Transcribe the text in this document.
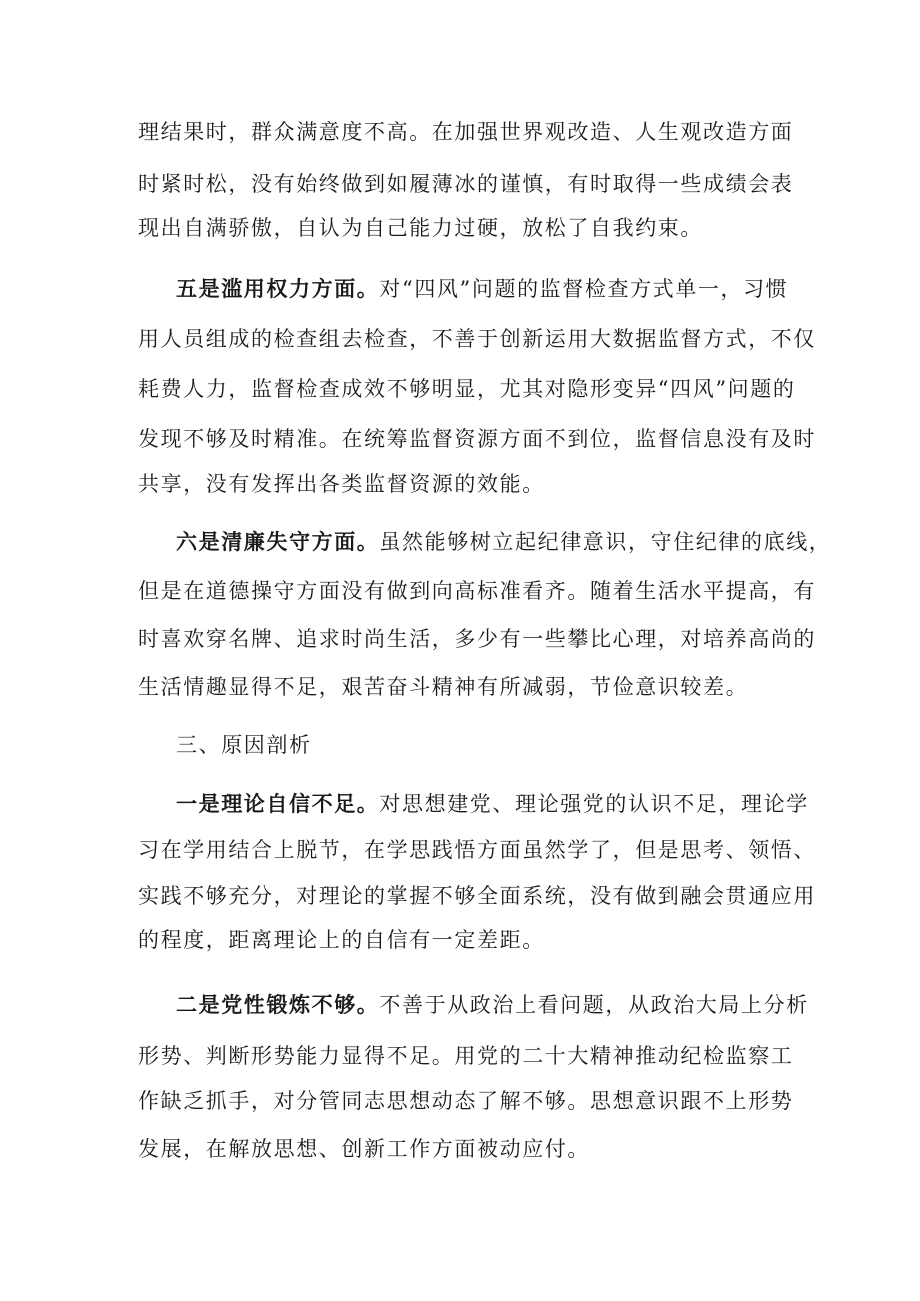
理结果时，群众满意度不高。在加强世界观改造、人生观改造方面
时紧时松，没有始终做到如履薄冰的谨慎，有时取得一些成绩会表
现出自满骄傲，自认为自己能力过硬，放松了自我约束。
五是滥用权力方面。对“四风”问题的监督检查方式单一，习惯
用人员组成的检查组去检查，不善于创新运用大数据监督方式，不仅
耗费人力，监督检查成效不够明显，尤其对隐形变异“四风”问题的
发现不够及时精准。在统筹监督资源方面不到位，监督信息没有及时
共享，没有发挥出各类监督资源的效能。
六是清廉失守方面。虽然能够树立起纪律意识，守住纪律的底线，
但是在道德操守方面没有做到向高标准看齐。随着生活水平提高，有
时喜欢穿名牌、追求时尚生活，多少有一些攀比心理，对培养高尚的
生活情趣显得不足，艰苦奋斗精神有所减弱，节俭意识较差。
三、原因剖析
一是理论自信不足。对思想建党、理论强党的认识不足，理论学
习在学用结合上脱节，在学思践悟方面虽然学了，但是思考、领悟、
实践不够充分，对理论的掌握不够全面系统，没有做到融会贯通应用
的程度，距离理论上的自信有一定差距。
二是党性锻炼不够。不善于从政治上看问题，从政治大局上分析
形势、判断形势能力显得不足。用党的二十大精神推动纪检监察工
作缺乏抓手，对分管同志思想动态了解不够。思想意识跟不上形势
发展，在解放思想、创新工作方面被动应付。
